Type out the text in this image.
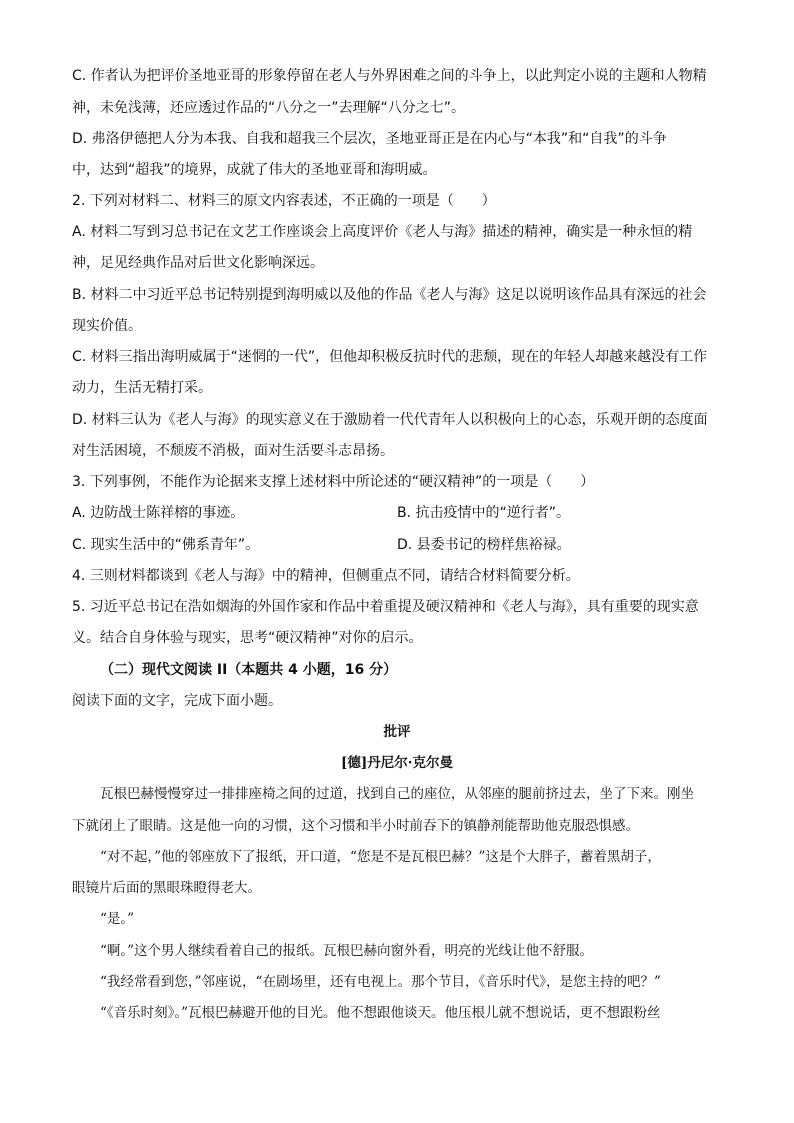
C. 作者认为把评价圣地亚哥的形象停留在老人与外界困难之间的斗争上，以此判定小说的主题和人物精
神，未免浅薄，还应透过作品的“八分之一”去理解“八分之七”。
D. 弗洛伊德把人分为本我、自我和超我三个层次，圣地亚哥正是在内心与“本我”和“自我”的斗争
中，达到“超我”的境界，成就了伟大的圣地亚哥和海明威。
2. 下列对材料二、材料三的原文内容表述，不正确的一项是（　　）
A. 材料二写到习总书记在文艺工作座谈会上高度评价《老人与海》描述的精神，确实是一种永恒的精
神，足见经典作品对后世文化影响深远。
B. 材料二中习近平总书记特别提到海明威以及他的作品《老人与海》这足以说明该作品具有深远的社会
现实价值。
C. 材料三指出海明威属于“迷惘的一代”，但他却积极反抗时代的悲颓，现在的年轻人却越来越没有工作
动力，生活无精打采。
D. 材料三认为《老人与海》的现实意义在于激励着一代代青年人以积极向上的心态，乐观开朗的态度面
对生活困境，不颓废不消极，面对生活要斗志昂扬。
3. 下列事例，不能作为论据来支撑上述材料中所论述的“硬汉精神”的一项是（　　）
A. 边防战士陈祥榕的事迹。	B. 抗击疫情中的“逆行者”。
C. 现实生活中的“佛系青年”。	D. 县委书记的榜样焦裕禄。
4. 三则材料都谈到《老人与海》中的精神，但侧重点不同，请结合材料简要分析。
5. 习近平总书记在浩如烟海的外国作家和作品中着重提及硬汉精神和《老人与海》，具有重要的现实意
义。结合自身体验与现实，思考“硬汉精神”对你的启示。
（二）现代文阅读 II（本题共 4 小题，16 分）
阅读下面的文字，完成下面小题。
批评
[德]丹尼尔·克尔曼
瓦根巴赫慢慢穿过一排排座椅之间的过道，找到自己的座位，从邻座的腿前挤过去，坐了下来。刚坐
下就闭上了眼睛。这是他一向的习惯，这个习惯和半小时前吞下的镇静剂能帮助他克服恐惧感。
“对不起，”他的邻座放下了报纸，开口道，“您是不是瓦根巴赫？”这是个大胖子，蓄着黑胡子，
眼镜片后面的黑眼珠瞪得老大。
“是。”
“啊。”这个男人继续看着自己的报纸。瓦根巴赫向窗外看，明亮的光线让他不舒服。
“我经常看到您，”邻座说，“在剧场里，还有电视上。那个节目，《音乐时代》，是您主持的吧？”
“《音乐时刻》。”瓦根巴赫避开他的目光。他不想跟他谈天。他压根儿就不想说话，更不想跟粉丝
